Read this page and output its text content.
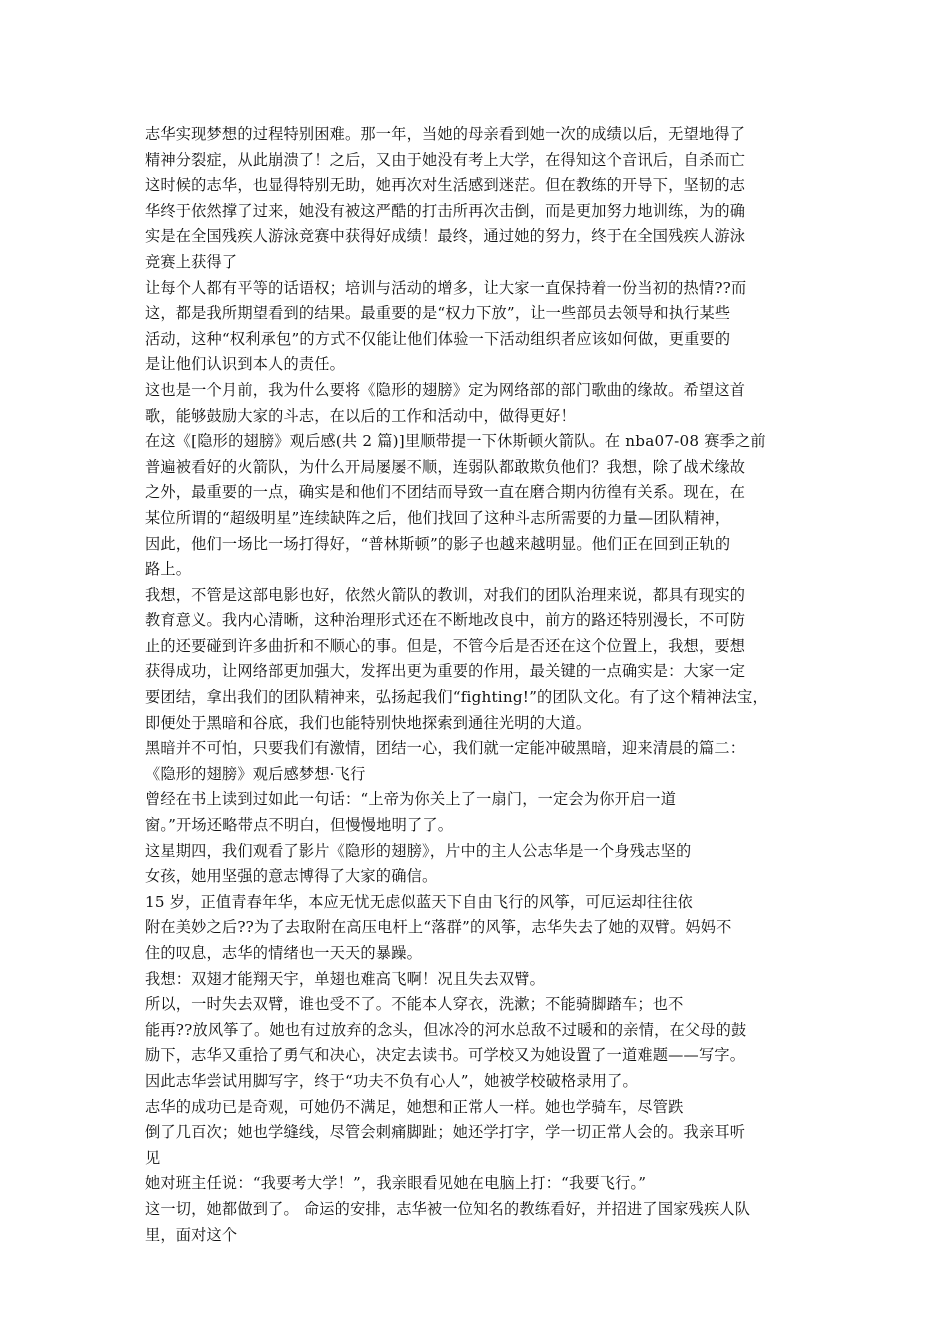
志华实现梦想的过程特别困难。那一年，当她的母亲看到她一次的成绩以后，无望地得了
精神分裂症，从此崩溃了！之后，又由于她没有考上大学，在得知这个音讯后，自杀而亡
这时候的志华，也显得特别无助，她再次对生活感到迷茫。但在教练的开导下，坚韧的志
华终于依然撑了过来，她没有被这严酷的打击所再次击倒，而是更加努力地训练，为的确
实是在全国残疾人游泳竞赛中获得好成绩！最终，通过她的努力，终于在全国残疾人游泳
竞赛上获得了
让每个人都有平等的话语权；培训与活动的增多，让大家一直保持着一份当初的热情??而
这，都是我所期望看到的结果。最重要的是“权力下放”，让一些部员去领导和执行某些
活动，这种“权利承包”的方式不仅能让他们体验一下活动组织者应该如何做，更重要的
是让他们认识到本人的责任。
这也是一个月前，我为什么要将《隐形的翅膀》定为网络部的部门歌曲的缘故。希望这首
歌，能够鼓励大家的斗志，在以后的工作和活动中，做得更好！
在这《[隐形的翅膀》观后感(共 2 篇)]里顺带提一下休斯顿火箭队。在 nba07-08 赛季之前
普遍被看好的火箭队，为什么开局屡屡不顺，连弱队都敢欺负他们？我想，除了战术缘故
之外，最重要的一点，确实是和他们不团结而导致一直在磨合期内彷徨有关系。现在，在
某位所谓的“超级明星”连续缺阵之后，他们找回了这种斗志所需要的力量—团队精神，
因此，他们一场比一场打得好，“普林斯顿”的影子也越来越明显。他们正在回到正轨的
路上。
我想，不管是这部电影也好，依然火箭队的教训，对我们的团队治理来说，都具有现实的
教育意义。我内心清晰，这种治理形式还在不断地改良中，前方的路还特别漫长，不可防
止的还要碰到许多曲折和不顺心的事。但是，不管今后是否还在这个位置上，我想，要想
获得成功，让网络部更加强大，发挥出更为重要的作用，最关键的一点确实是：大家一定
要团结，拿出我们的团队精神来，弘扬起我们“fighting!”的团队文化。有了这个精神法宝，
即便处于黑暗和谷底，我们也能特别快地探索到通往光明的大道。
黑暗并不可怕，只要我们有激情，团结一心，我们就一定能冲破黑暗，迎来清晨的篇二：
《隐形的翅膀》观后感梦想·飞行
曾经在书上读到过如此一句话：“上帝为你关上了一扇门，一定会为你开启一道
窗。”开场还略带点不明白，但慢慢地明了了。
这星期四，我们观看了影片《隐形的翅膀》，片中的主人公志华是一个身残志坚的
女孩，她用坚强的意志博得了大家的确信。
15 岁，正值青春年华，本应无忧无虑似蓝天下自由飞行的风筝，可厄运却往往依
附在美妙之后??为了去取附在高压电杆上“落群”的风筝，志华失去了她的双臂。妈妈不
住的叹息，志华的情绪也一天天的暴躁。
我想：双翅才能翔天宇，单翅也难高飞啊！况且失去双臂。
所以，一时失去双臂，谁也受不了。不能本人穿衣，洗漱；不能骑脚踏车；也不
能再??放风筝了。她也有过放弃的念头，但冰冷的河水总敌不过暖和的亲情，在父母的鼓
励下，志华又重拾了勇气和决心，决定去读书。可学校又为她设置了一道难题——写字。
因此志华尝试用脚写字，终于“功夫不负有心人”，她被学校破格录用了。
志华的成功已是奇观，可她仍不满足，她想和正常人一样。她也学骑车，尽管跌
倒了几百次；她也学缝线，尽管会刺痛脚趾；她还学打字，学一切正常人会的。我亲耳听
见
她对班主任说：“我要考大学！”，我亲眼看见她在电脑上打：“我要飞行。”
这一切，她都做到了。 命运的安排，志华被一位知名的教练看好，并招进了国家残疾人队
里，面对这个
